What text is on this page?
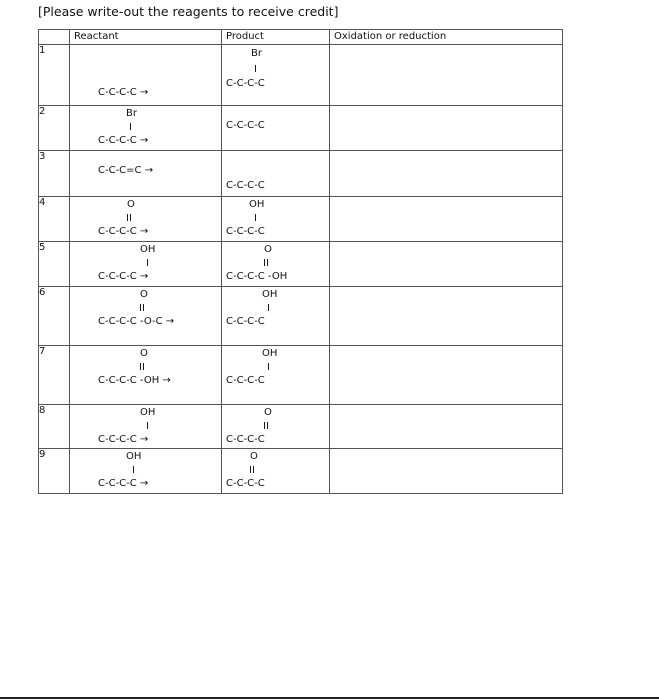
[Please write-out the reagents to receive credit]
	Reactant	Product	Oxidation or reduction
1	C-C-C-C →	Br
I
C-C-C-C	

2	Br
I
C-C-C-C →	C-C-C-C	

3	C-C-C=C →	C-C-C-C	

4	O
II
C-C-C-C →	OH
I
C-C-C-C	

5	OH
I
C-C-C-C →	O
II
C-C-C-C -OH	

6	O
II
C-C-C-C -O-C →	OH
I
C-C-C-C	

7	O
II
C-C-C-C -OH →	OH
I
C-C-C-C	

8	OH
I
C-C-C-C →	O
II
C-C-C-C	

9	OH
I
C-C-C-C →	O
II
C-C-C-C	
